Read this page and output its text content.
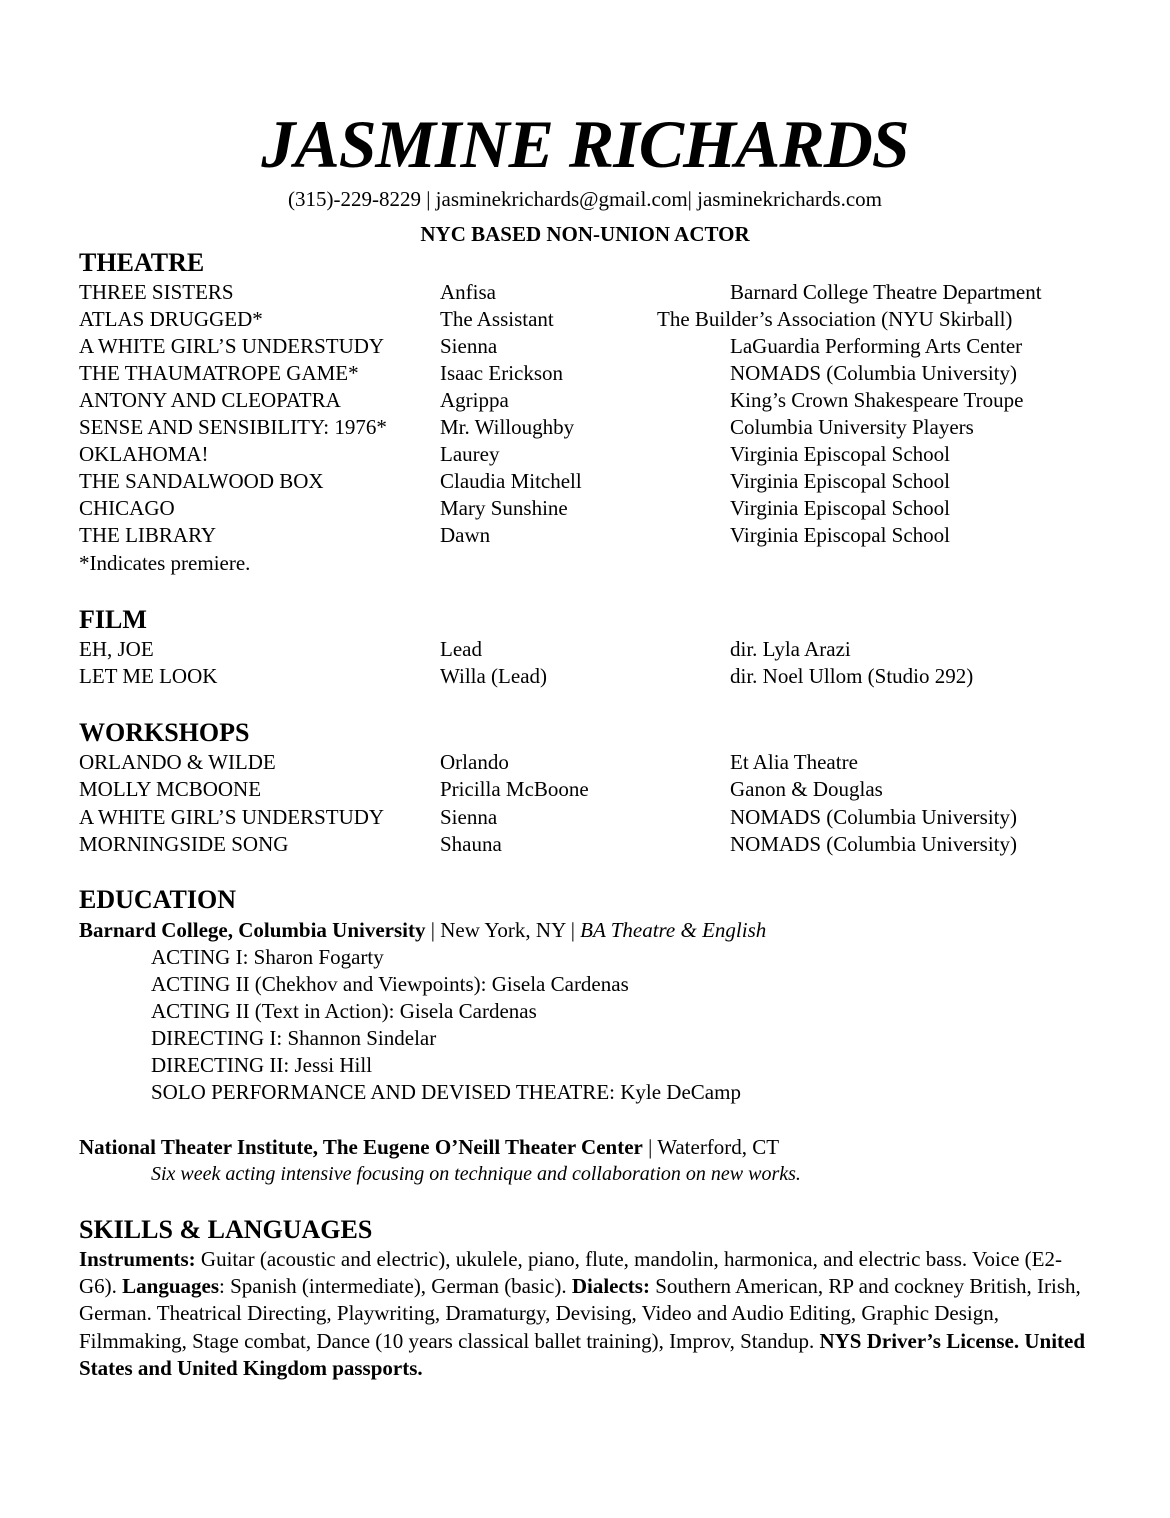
JASMINE RICHARDS
(315)-229-8229 | jasminekrichards@gmail.com| jasminekrichards.com
NYC BASED NON-UNION ACTOR
THEATRE
THREE SISTERS	Anfisa	Barnard College Theatre Department
ATLAS DRUGGED*	The Assistant	The Builder’s Association (NYU Skirball)
A WHITE GIRL’S UNDERSTUDY	Sienna	LaGuardia Performing Arts Center
THE THAUMATROPE GAME*	Isaac Erickson	NOMADS (Columbia University)
ANTONY AND CLEOPATRA	Agrippa	King’s Crown Shakespeare Troupe
SENSE AND SENSIBILITY: 1976*	Mr. Willoughby	Columbia University Players
OKLAHOMA!	Laurey	Virginia Episcopal School
THE SANDALWOOD BOX	Claudia Mitchell	Virginia Episcopal School
CHICAGO	Mary Sunshine	Virginia Episcopal School
THE LIBRARY	Dawn	Virginia Episcopal School
*Indicates premiere.
FILM
EH, JOE	Lead	dir. Lyla Arazi
LET ME LOOK	Willa (Lead)	dir. Noel Ullom (Studio 292)
WORKSHOPS
ORLANDO & WILDE	Orlando	Et Alia Theatre
MOLLY MCBOONE	Pricilla McBoone	Ganon & Douglas
A WHITE GIRL’S UNDERSTUDY	Sienna	NOMADS (Columbia University)
MORNINGSIDE SONG	Shauna	NOMADS (Columbia University)
EDUCATION
Barnard College, Columbia University | New York, NY | BA Theatre & English
ACTING I: Sharon Fogarty
ACTING II (Chekhov and Viewpoints): Gisela Cardenas
ACTING II (Text in Action): Gisela Cardenas
DIRECTING I: Shannon Sindelar
DIRECTING II: Jessi Hill
SOLO PERFORMANCE AND DEVISED THEATRE: Kyle DeCamp
National Theater Institute, The Eugene O’Neill Theater Center | Waterford, CT
Six week acting intensive focusing on technique and collaboration on new works.
SKILLS & LANGUAGES
Instruments: Guitar (acoustic and electric), ukulele, piano, flute, mandolin, harmonica, and electric bass. Voice (E2-G6). Languages: Spanish (intermediate), German (basic). Dialects: Southern American, RP and cockney British, Irish, German. Theatrical Directing, Playwriting, Dramaturgy, Devising, Video and Audio Editing, Graphic Design, Filmmaking, Stage combat, Dance (10 years classical ballet training), Improv, Standup. NYS Driver’s License. United States and United Kingdom passports.
